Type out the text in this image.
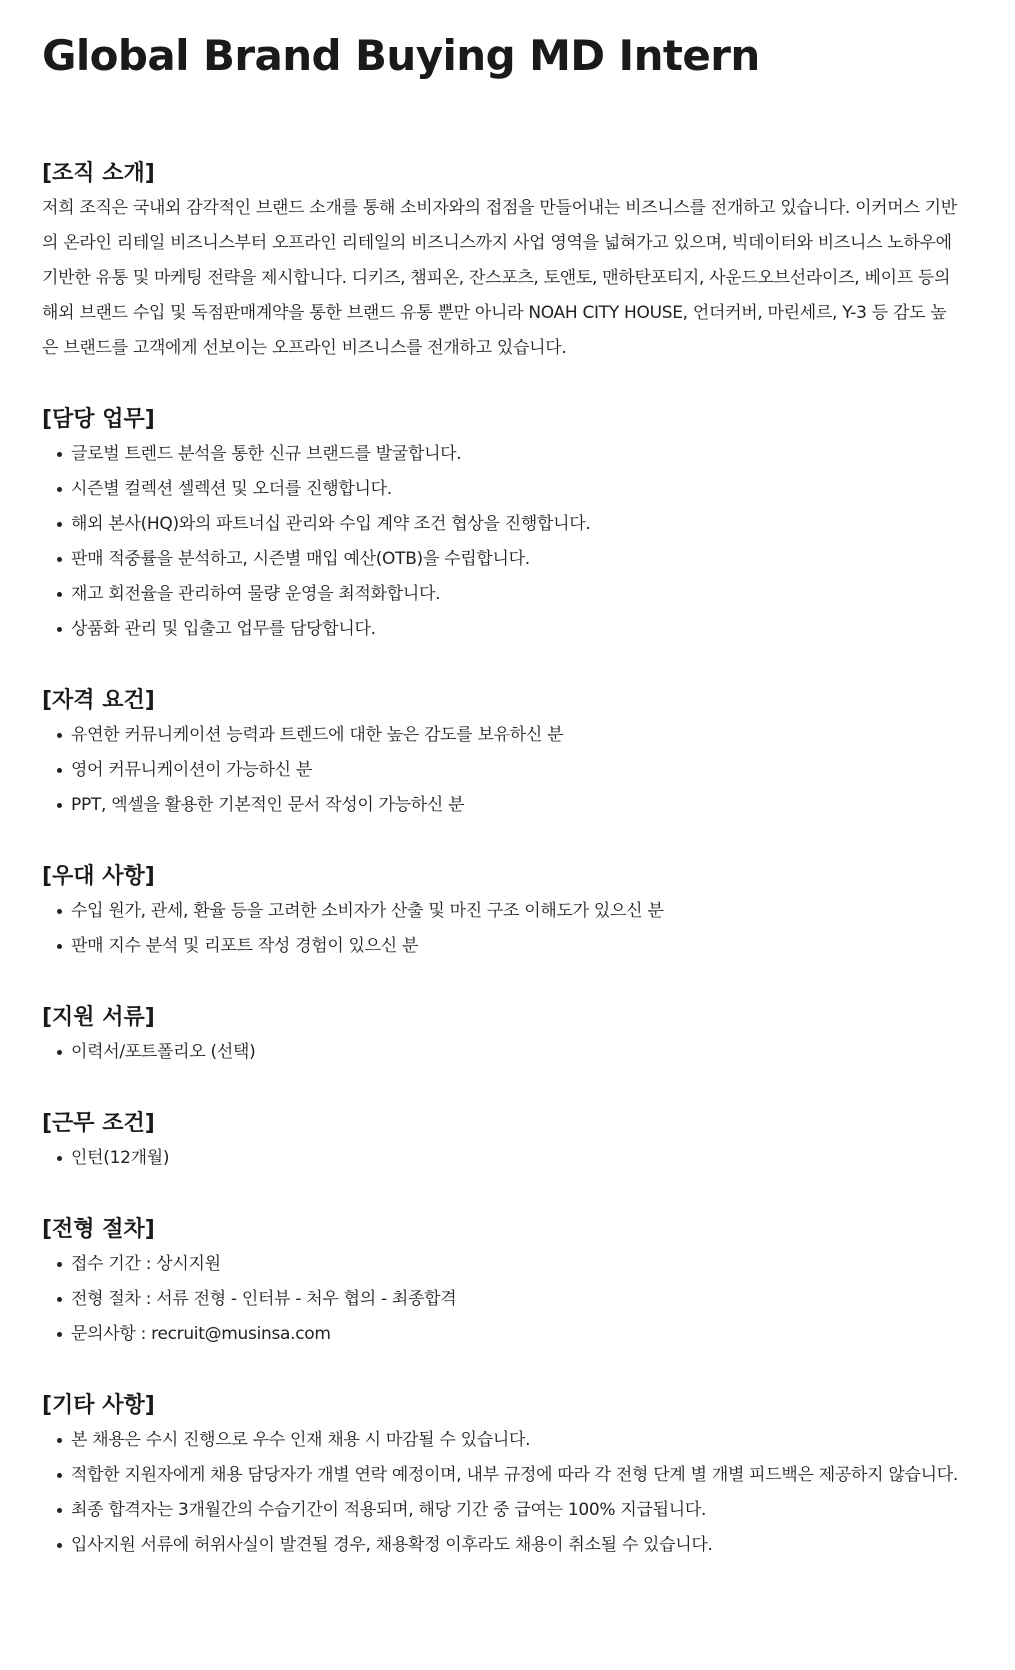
Global Brand Buying MD Intern
[조직 소개]

저희 조직은 국내외 감각적인 브랜드 소개를 통해 소비자와의 접점을 만들어내는 비즈니스를 전개하고 있습니다. 이커머스 기반의 온라인 리테일 비즈니스부터 오프라인 리테일의 비즈니스까지 사업 영역을 넓혀가고 있으며, 빅데이터와 비즈니스 노하우에 기반한 유통 및 마케팅 전략을 제시합니다. 디키즈, 챔피온, 잔스포츠, 토앤토, 맨하탄포티지, 사운드오브선라이즈, 베이프 등의 해외 브랜드 수입 및 독점판매계약을 통한 브랜드 유통 뿐만 아니라 NOAH CITY HOUSE, 언더커버, 마린세르, Y-3 등 감도 높은 브랜드를 고객에게 선보이는 오프라인 비즈니스를 전개하고 있습니다.

[담당 업무]
글로벌 트렌드 분석을 통한 신규 브랜드를 발굴합니다.
시즌별 컬렉션 셀렉션 및 오더를 진행합니다.
해외 본사(HQ)와의 파트너십 관리와 수입 계약 조건 협상을 진행합니다.
판매 적중률을 분석하고, 시즌별 매입 예산(OTB)을 수립합니다.
재고 회전율을 관리하여 물량 운영을 최적화합니다.
상품화 관리 및 입출고 업무를 담당합니다.
[자격 요건]
유연한 커뮤니케이션 능력과 트렌드에 대한 높은 감도를 보유하신 분
영어 커뮤니케이션이 가능하신 분
PPT, 엑셀을 활용한 기본적인 문서 작성이 가능하신 분
[우대 사항]
수입 원가, 관세, 환율 등을 고려한 소비자가 산출 및 마진 구조 이해도가 있으신 분
판매 지수 분석 및 리포트 작성 경험이 있으신 분
[지원 서류]
이력서/포트폴리오 (선택)
[근무 조건]
인턴(12개월)
[전형 절차]
접수 기간 : 상시지원
전형 절차 : 서류 전형 - 인터뷰 - 처우 협의 - 최종합격
문의사항 : recruit@musinsa.com
[기타 사항]
본 채용은 수시 진행으로 우수 인재 채용 시 마감될 수 있습니다.
적합한 지원자에게 채용 담당자가 개별 연락 예정이며, 내부 규정에 따라 각 전형 단계 별 개별 피드백은 제공하지 않습니다.
최종 합격자는 3개월간의 수습기간이 적용되며, 해당 기간 중 급여는 100% 지급됩니다.
입사지원 서류에 허위사실이 발견될 경우, 채용확정 이후라도 채용이 취소될 수 있습니다.
